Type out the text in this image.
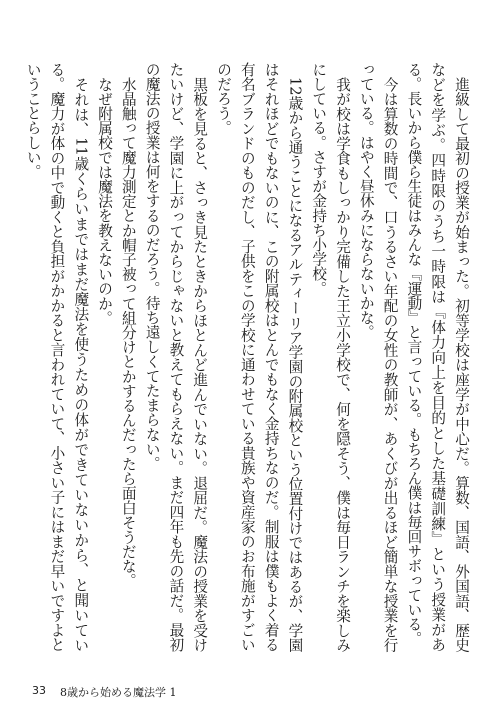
進級して最初の授業が始まった。初等学校は座学が中心だ。算数、国語、外国語、歴史などを学ぶ。四時限のうち一時限は『体力向上を目的とした基礎訓練』という授業がある。長いから僕ら生徒はみんな『運動』と言っている。もちろん僕は毎回サボっている。

今は算数の時間で、口うるさい年配の女性の教師が、あくびが出るほど簡単な授業を行っている。はやく昼休みにならないかな。

我が校は学食もしっかり完備した王立小学校で、何を隠そう、僕は毎日ランチを楽しみにしている。さすが金持ち小学校。

12歳から通うことになるアルティーリア学園の附属校という位置付けではあるが、学園はそれほどでもないのに、この附属校はとんでもなく金持ちなのだ。制服は僕もよく着る有名ブランドのものだし、子供をこの学校に通わせている貴族や資産家のお布施がすごいのだろう。

黒板を見ると、さっき見たときからほとんど進んでいない。退屈だ。魔法の授業を受けたいけど、学園に上がってからじゃないと教えてもらえない。まだ四年も先の話だ。最初の魔法の授業は何をするのだろう。待ち遠しくてたまらない。

水晶触って魔力測定とか帽子被って組分けとかするんだったら面白そうだな。

なぜ附属校では魔法を教えないのか。

それは、11歳くらいまではまだ魔法を使うための体ができていないから、と聞いている。魔力が体の中で動くと負担がかかると言われていて、小さい子にはまだ早いですよということらしい。

33 8歳から始める魔法学 1
